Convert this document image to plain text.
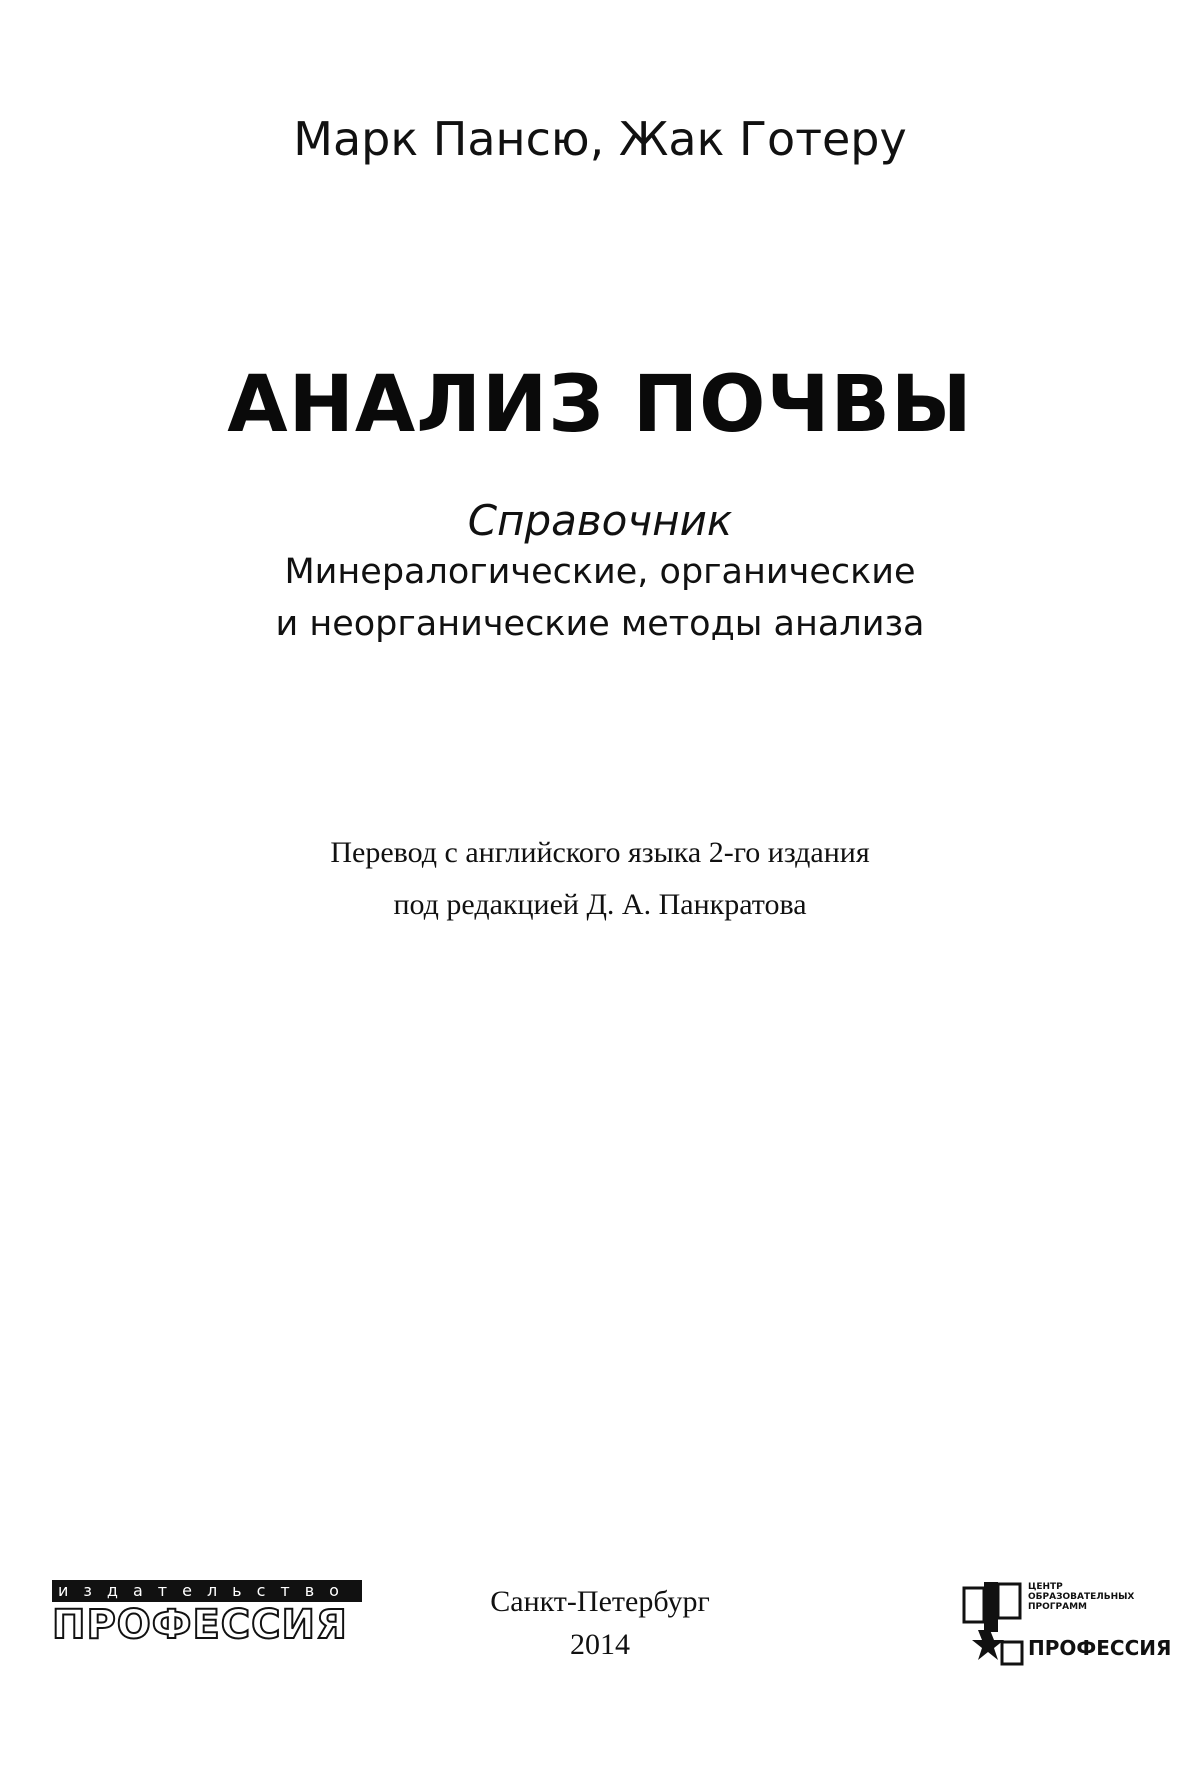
Марк Пансю, Жак Готеру
АНАЛИЗ ПОЧВЫ
Справочник
Минералогические, органические
и неорганические методы анализа
Перевод с английского языка 2-го издания
под редакцией Д. А. Панкратова
издательство
ПРОФЕССИЯ
Санкт-Петербург
2014
ЦЕНТР
ОБРАЗОВАТЕЛЬНЫХ
ПРОГРАММ
ПРОФЕССИЯ
